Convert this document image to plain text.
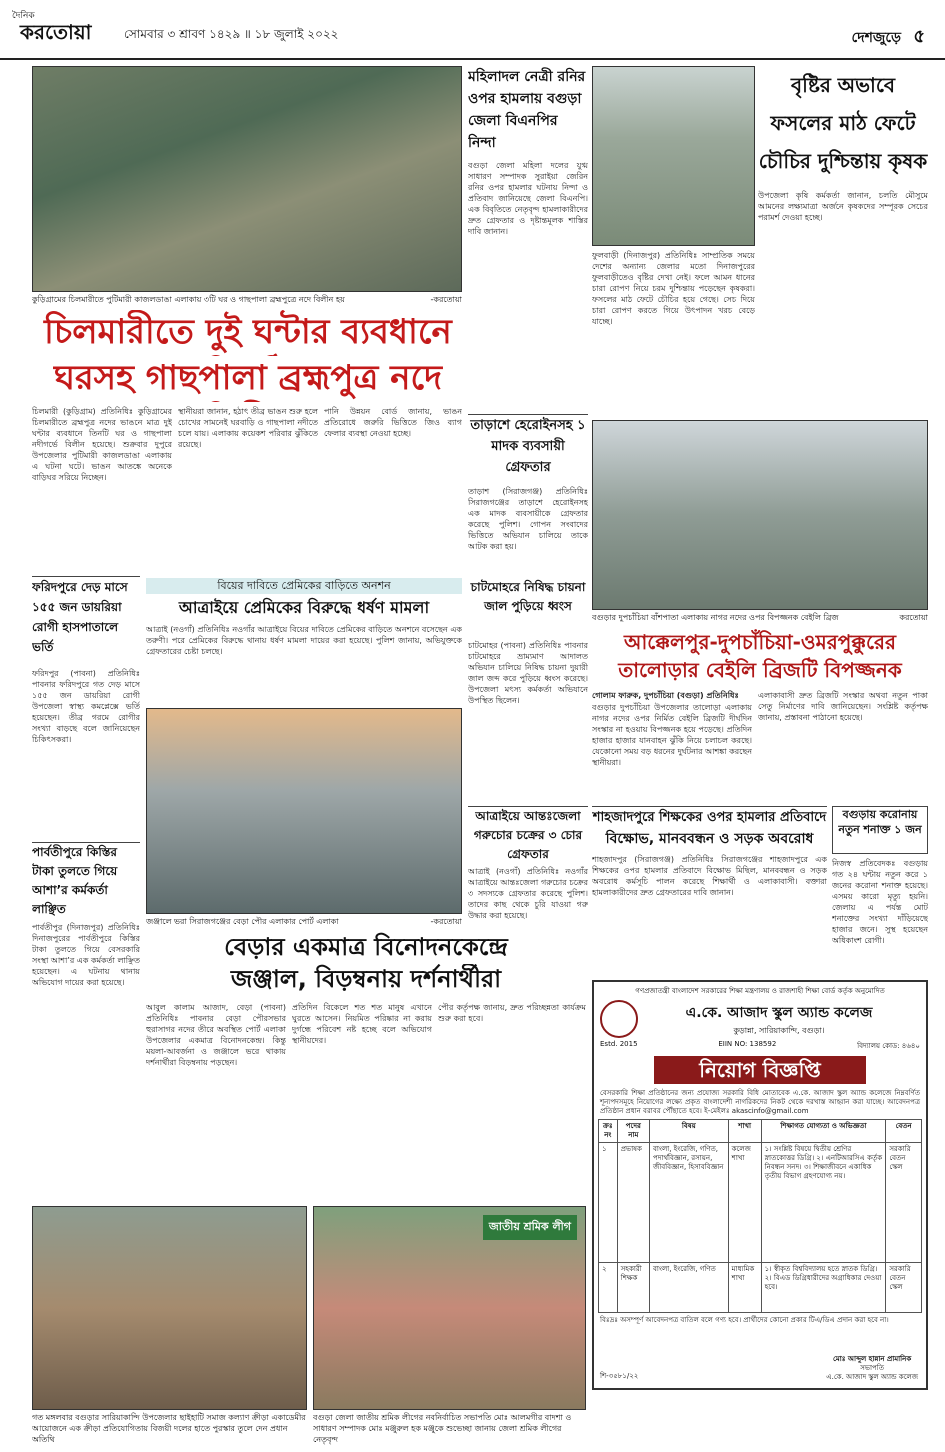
দৈনিক
করতোয়া	সোমবার ৩ শ্রাবণ ১৪২৯ ॥ ১৮ জুলাই ২০২২	দেশজুড়ে ৫
কুড়িগ্রামের চিলমারীতে পুটিমারী কাজলডাঙা এলাকায় ৩টি ঘর ও গাছপালা ব্রহ্মপুত্রে নদে বিলীন হয়	-করতোয়া
চিলমারীতে দুই ঘন্টার ব্যবধানে
ঘরসহ গাছপালা ব্রহ্মপুত্র নদে
চিলমারী (কুড়িগ্রাম) প্রতিনিধিঃ কুড়িগ্রামের চিলমারীতে ব্রহ্মপুত্র নদের ভাঙনে মাত্র দুই ঘন্টার ব্যবধানে তিনটি ঘর ও গাছপালা নদীগর্ভে বিলীন হয়েছে। শুক্রবার দুপুরে উপজেলার পুটিমারী কাজলডাঙা এলাকায় এ ঘটনা ঘটে। ভাঙন আতঙ্কে অনেকে বাড়িঘর সরিয়ে নিচ্ছেন।
স্থানীয়রা জানান, হঠাৎ তীব্র ভাঙন শুরু হলে চোখের সামনেই ঘরবাড়ি ও গাছপালা নদীতে চলে যায়। এলাকায় কয়েকশ পরিবার ঝুঁকিতে রয়েছে।
পানি উন্নয়ন বোর্ড জানায়, ভাঙন প্রতিরোধে জরুরি ভিত্তিতে জিও ব্যাগ ফেলার ব্যবস্থা নেওয়া হচ্ছে।
মহিলাদল নেত্রী রনির ওপর হামলায় বগুড়া জেলা বিএনপির নিন্দা
বগুড়া জেলা মহিলা দলের যুগ্ম সাধারণ সম্পাদক সুরাইয়া জেরিন রনির ওপর হামলার ঘটনায় নিন্দা ও প্রতিবাদ জানিয়েছে জেলা বিএনপি। এক বিবৃতিতে নেতৃবৃন্দ হামলাকারীদের দ্রুত গ্রেফতার ও দৃষ্টান্তমূলক শাস্তির দাবি জানান।
তাড়াশে হেরোইনসহ ১ মাদক ব্যবসায়ী গ্রেফতার
তাড়াশ (সিরাজগঞ্জ) প্রতিনিধিঃ সিরাজগঞ্জের তাড়াশে হেরোইনসহ এক মাদক ব্যবসায়ীকে গ্রেফতার করেছে পুলিশ। গোপন সংবাদের ভিত্তিতে অভিযান চালিয়ে তাকে আটক করা হয়।
বৃষ্টির অভাবে ফসলের মাঠ ফেটে চৌচির দুশ্চিন্তায় কৃষক
ফুলবাড়ী (দিনাজপুর) প্রতিনিধিঃ সাম্প্রতিক সময়ে দেশের অন্যান্য জেলার মতো দিনাজপুরের ফুলবাড়ীতেও বৃষ্টির দেখা নেই। ফলে আমন ধানের চারা রোপণ নিয়ে চরম দুশ্চিন্তায় পড়েছেন কৃষকরা। ফসলের মাঠ ফেটে চৌচির হয়ে গেছে। সেচ দিয়ে চারা রোপণ করতে গিয়ে উৎপাদন খরচ বেড়ে যাচ্ছে।
উপজেলা কৃষি কর্মকর্তা জানান, চলতি মৌসুমে আমনের লক্ষ্যমাত্রা অর্জনে কৃষকদের সম্পূরক সেচের পরামর্শ দেওয়া হচ্ছে।
বগুড়ার দুপচাঁচিয়া বাঁশপাতা এলাকায় নাগর নদের ওপর বিপজ্জনক বেইলি ব্রিজ	করতোয়া
আক্কেলপুর-দুপচাঁচিয়া-ওমরপুক্কুরের
তালোড়ার বেইলি ব্রিজটি বিপজ্জনক
গোলাম ফারুক, দুপচাঁচিয়া (বগুড়া) প্রতিনিধিঃ
বগুড়ার দুপচাঁচিয়া উপজেলার তালোড়া এলাকায় নাগর নদের ওপর নির্মিত বেইলি ব্রিজটি দীর্ঘদিন সংস্কার না হওয়ায় বিপজ্জনক হয়ে পড়েছে। প্রতিদিন হাজার হাজার যানবাহন ঝুঁকি নিয়ে চলাচল করছে। যেকোনো সময় বড় ধরনের দুর্ঘটনার আশঙ্কা করছেন স্থানীয়রা।
এলাকাবাসী দ্রুত ব্রিজটি সংস্কার অথবা নতুন পাকা সেতু নির্মাণের দাবি জানিয়েছেন। সংশ্লিষ্ট কর্তৃপক্ষ জানায়, প্রস্তাবনা পাঠানো হয়েছে।
শাহজাদপুরে শিক্ষকের ওপর হামলার প্রতিবাদে
বিক্ষোভ, মানববন্ধন ও সড়ক অবরোধ
শাহজাদপুর (সিরাজগঞ্জ) প্রতিনিধিঃ সিরাজগঞ্জের শাহজাদপুরে এক শিক্ষকের ওপর হামলার প্রতিবাদে বিক্ষোভ মিছিল, মানববন্ধন ও সড়ক অবরোধ কর্মসূচি পালন করেছে শিক্ষার্থী ও এলাকাবাসী। বক্তারা হামলাকারীদের দ্রুত গ্রেফতারের দাবি জানান।
বগুড়ায় করোনায় নতুন শনাক্ত ১ জন
নিজস্ব প্রতিবেদকঃ বগুড়ায় গত ২৪ ঘন্টায় নতুন করে ১ জনের করোনা শনাক্ত হয়েছে। এসময় কারো মৃত্যু হয়নি। জেলায় এ পর্যন্ত মোট শনাক্তের সংখ্যা দাঁড়িয়েছে হাজার জনে। সুস্থ হয়েছেন অধিকাংশ রোগী।
ফরিদপুরে দেড় মাসে ১৫৫ জন ডায়রিয়া রোগী হাসপাতালে ভর্তি
ফরিদপুর (পাবনা) প্রতিনিধিঃ পাবনার ফরিদপুরে গত দেড় মাসে ১৫৫ জন ডায়রিয়া রোগী উপজেলা স্বাস্থ্য কমপ্লেক্সে ভর্তি হয়েছেন। তীব্র গরমে রোগীর সংখ্যা বাড়ছে বলে জানিয়েছেন চিকিৎসকরা।
পার্বতীপুরে কিস্তির টাকা তুলতে গিয়ে আশা’র কর্মকর্তা লাঞ্ছিত
পার্বতীপুর (দিনাজপুর) প্রতিনিধিঃ দিনাজপুরের পার্বতীপুরে কিস্তির টাকা তুলতে গিয়ে বেসরকারি সংস্থা আশা’র এক কর্মকর্তা লাঞ্ছিত হয়েছেন। এ ঘটনায় থানায় অভিযোগ দায়ের করা হয়েছে।
বিয়ের দাবিতে প্রেমিকের বাড়িতে অনশন
আত্রাইয়ে প্রেমিকের বিরুদ্ধে ধর্ষণ মামলা
আত্রাই (নওগাঁ) প্রতিনিধিঃ নওগাঁর আত্রাইয়ে বিয়ের দাবিতে প্রেমিকের বাড়িতে অনশনে বসেছেন এক তরুণী। পরে প্রেমিকের বিরুদ্ধে থানায় ধর্ষণ মামলা দায়ের করা হয়েছে। পুলিশ জানায়, অভিযুক্তকে গ্রেফতারের চেষ্টা চলছে।
জঞ্জালে ভরা সিরাজগঞ্জের বেড়া পৌর এলাকার পোর্ট এলাকা	-করতোয়া
বেড়ার একমাত্র বিনোদনকেন্দ্রে
জঞ্জাল, বিড়ম্বনায় দর্শনার্থীরা
আবুল কালাম আজাদ, বেড়া (পাবনা) প্রতিনিধিঃ পাবনার বেড়া পৌরসভার হুরাসাগর নদের তীরে অবস্থিত পোর্ট এলাকা উপজেলার একমাত্র বিনোদনকেন্দ্র। কিন্তু ময়লা-আবর্জনা ও জঞ্জালে ভরে থাকায় দর্শনার্থীরা বিড়ম্বনায় পড়ছেন।
প্রতিদিন বিকেলে শত শত মানুষ এখানে ঘুরতে আসেন। নিয়মিত পরিষ্কার না করায় দুর্গন্ধে পরিবেশ নষ্ট হচ্ছে বলে অভিযোগ স্থানীয়দের।
পৌর কর্তৃপক্ষ জানায়, দ্রুত পরিচ্ছন্নতা কার্যক্রম শুরু করা হবে।
চাটমোহরে নিষিদ্ধ চায়না জাল পুড়িয়ে ধ্বংস
চাটমোহর (পাবনা) প্রতিনিধিঃ পাবনার চাটমোহরে ভ্রাম্যমাণ আদালত অভিযান চালিয়ে নিষিদ্ধ চায়না দুয়ারী জাল জব্দ করে পুড়িয়ে ধ্বংস করেছে। উপজেলা মৎস্য কর্মকর্তা অভিযানে উপস্থিত ছিলেন।
আত্রাইয়ে আন্তঃজেলা গরুচোর চক্রের ৩ চোর গ্রেফতার
আত্রাই (নওগাঁ) প্রতিনিধিঃ নওগাঁর আত্রাইয়ে আন্তঃজেলা গরুচোর চক্রের ৩ সদস্যকে গ্রেফতার করেছে পুলিশ। তাদের কাছ থেকে চুরি যাওয়া গরু উদ্ধার করা হয়েছে।
গণপ্রজাতন্ত্রী বাংলাদেশ সরকারের শিক্ষা মন্ত্রণালয় ও রাজশাহী শিক্ষা বোর্ড কর্তৃক অনুমোদিত
এ.কে. আজাদ স্কুল অ্যান্ড কলেজ
কুড়ান্না, সারিয়াকান্দি, বগুড়া।
Estd. 2015	EIIN NO: 138592	বিদ্যালয় কোড: ৪৬৪০
নিয়োগ বিজ্ঞপ্তি
বেসরকারি শিক্ষা প্রতিষ্ঠানের জন্য প্রযোজ্য সরকারি বিধি মোতাবেক এ.কে. আজাদ স্কুল অ্যান্ড কলেজে নিম্নবর্ণিত শূন্যপদসমূহে নিয়োগের লক্ষ্যে প্রকৃত বাংলাদেশী নাগরিকদের নিকট থেকে দরখাস্ত আহ্বান করা যাচ্ছে। আবেদনপত্র প্রতিষ্ঠান প্রধান বরাবর পৌঁছাতে হবে। ই-মেইলঃ akascinfo@gmail.com
ক্রঃ নং	পদের নাম	বিষয়	শাখা	শিক্ষাগত যোগ্যতা ও অভিজ্ঞতা	বেতন
১	প্রভাষক	বাংলা, ইংরেজি, গণিত, পদার্থবিজ্ঞান, রসায়ন, জীববিজ্ঞান, হিসাববিজ্ঞান	কলেজ শাখা	১। সংশ্লিষ্ট বিষয়ে দ্বিতীয় শ্রেণির স্নাতকোত্তর ডিগ্রি। ২। এনটিআরসিএ কর্তৃক নিবন্ধন সনদ। ৩। শিক্ষাজীবনে একাধিক তৃতীয় বিভাগ গ্রহণযোগ্য নয়।	সরকারি বেতন স্কেল
২	সহকারী শিক্ষক	বাংলা, ইংরেজি, গণিত	মাধ্যমিক শাখা	১। স্বীকৃত বিশ্ববিদ্যালয় হতে স্নাতক ডিগ্রি। ২। বিএড ডিগ্রিধারীদের অগ্রাধিকার দেওয়া হবে।	সরকারি বেতন স্কেল
বিঃদ্রঃ অসম্পূর্ণ আবেদনপত্র বাতিল বলে গণ্য হবে। প্রার্থীদের কোনো প্রকার টিএ/ডিএ প্রদান করা হবে না।
মোঃ আব্দুল হান্নান প্রামানিক
সভাপতি
এ.কে. আজাদ স্কুল অ্যান্ড কলেজ
শি-৩৫৮১/২২
গত মঙ্গলবার বগুড়ার সারিয়াকান্দি উপজেলার ছাইহাটি সমাজ কল্যাণ ক্রীড়া একাডেমীর আয়োজনে এক ক্রীড়া প্রতিযোগিতায় বিজয়ী দলের হাতে পুরস্কার তুলে দেন প্রধান অতিথি
জাতীয় শ্রমিক লীগ
বগুড়া জেলা জাতীয় শ্রমিক লীগের নবনির্বাচিত সভাপতি মোঃ আলমগীর বাদশা ও সাধারণ সম্পাদক মোঃ মঞ্জুরুল হক মঞ্জুকে শুভেচ্ছা জানায় জেলা শ্রমিক লীগের নেতৃবৃন্দ
